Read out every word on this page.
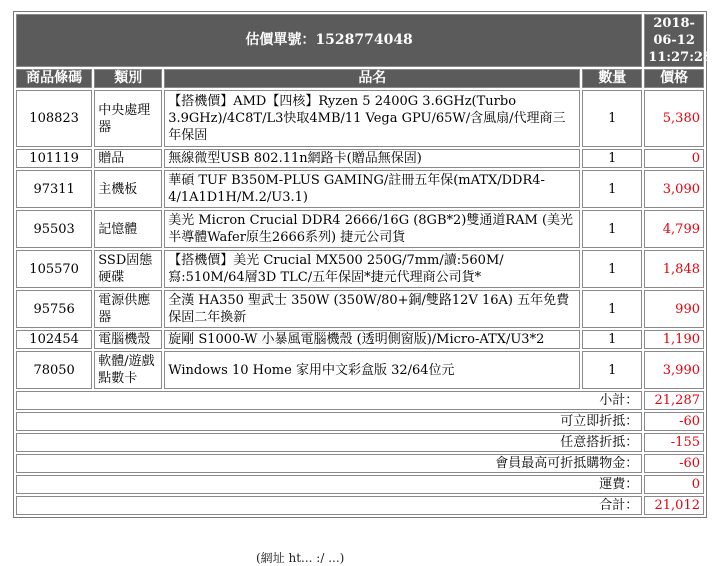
估價單號：1528774048				2018-06-12
11:27:28

商品條碼	類別	品名	數量	價格
108823	中央處理器	【搭機價】AMD【四核】Ryzen 5 2400G 3.6GHz(Turbo 3.9GHz)/4C8T/L3快取4MB/11 Vega GPU/65W/含風扇/代理商三年保固	1	5,380
101119	贈品	無線微型USB 802.11n網路卡(贈品無保固)	1	0
97311	主機板	華碩 TUF B350M-PLUS GAMING/註冊五年保(mATX/DDR4-4/1A1D1H/M.2/U3.1)	1	3,090
95503	記憶體	美光 Micron Crucial DDR4 2666/16G (8GB*2)雙通道RAM (美光半導體Wafer原生2666系列) 捷元公司貨	1	4,799
105570	SSD固態硬碟	【搭機價】美光 Crucial MX500 250G/7mm/讀:560M/寫:510M/64層3D TLC/五年保固*捷元代理商公司貨*	1	1,848
95756	電源供應器	全漢 HA350 聖武士 350W (350W/80+銅/雙路12V 16A) 五年免費保固二年換新	1	990
102454	電腦機殼	旋剛 S1000-W 小暴風電腦機殼 (透明側窗版)/Micro-ATX/U3*2	1	1,190
78050	軟體/遊戲點數卡	Windows 10 Home 家用中文彩盒版 32/64位元	1	3,990
小計：				21,287
可立即折抵：				-60
任意搭折抵：				-155
會員最高可折抵購物金：				-60
運費：				0
合計：				21,012
(網址 ht... :/ ...)
